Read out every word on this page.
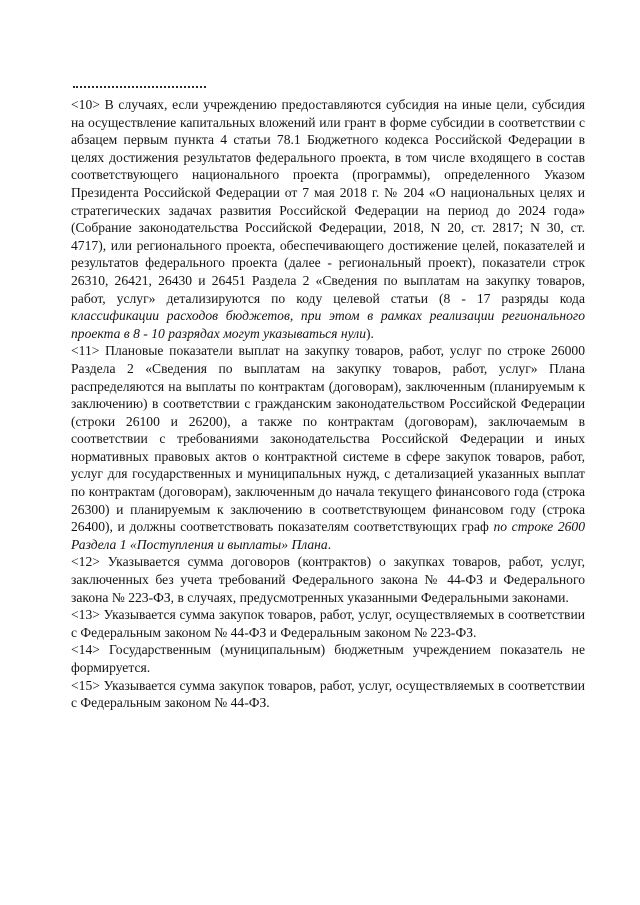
<10> В случаях, если учреждению предоставляются субсидия на иные цели, субсидия на осуществление капитальных вложений или грант в форме субсидии в соответствии с абзацем первым пункта 4 статьи 78.1 Бюджетного кодекса Российской Федерации в целях достижения результатов федерального проекта, в том числе входящего в состав соответствующего национального проекта (программы), определенного Указом Президента Российской Федерации от 7 мая 2018 г. № 204 «О национальных целях и стратегических задачах развития Российской Федерации на период до 2024 года» (Собрание законодательства Российской Федерации, 2018, N 20, ст. 2817; N 30, ст. 4717), или регионального проекта, обеспечивающего достижение целей, показателей и результатов федерального проекта (далее - региональный проект), показатели строк 26310, 26421, 26430 и 26451 Раздела 2 «Сведения по выплатам на закупку товаров, работ, услуг» детализируются по коду целевой статьи (8 - 17 разряды кода классификации расходов бюджетов, при этом в рамках реализации регионального проекта в 8 - 10 разрядах могут указываться нули).

<11> Плановые показатели выплат на закупку товаров, работ, услуг по строке 26000 Раздела 2 «Сведения по выплатам на закупку товаров, работ, услуг» Плана распределяются на выплаты по контрактам (договорам), заключенным (планируемым к заключению) в соответствии с гражданским законодательством Российской Федерации (строки 26100 и 26200), а также по контрактам (договорам), заключаемым в соответствии с требованиями законодательства Российской Федерации и иных нормативных правовых актов о контрактной системе в сфере закупок товаров, работ, услуг для государственных и муниципальных нужд, с детализацией указанных выплат по контрактам (договорам), заключенным до начала текущего финансового года (строка 26300) и планируемым к заключению в соответствующем финансовом году (строка 26400), и должны соответствовать показателям соответствующих граф по строке 2600 Раздела 1 «Поступления и выплаты» Плана.

<12> Указывается сумма договоров (контрактов) о закупках товаров, работ, услуг, заключенных без учета требований Федерального закона № 44-ФЗ и Федерального закона № 223-ФЗ, в случаях, предусмотренных указанными Федеральными законами.

<13> Указывается сумма закупок товаров, работ, услуг, осуществляемых в соответствии с Федеральным законом № 44-ФЗ и Федеральным законом № 223-ФЗ.

<14> Государственным (муниципальным) бюджетным учреждением показатель не формируется.

<15> Указывается сумма закупок товаров, работ, услуг, осуществляемых в соответствии с Федеральным законом № 44-ФЗ.
